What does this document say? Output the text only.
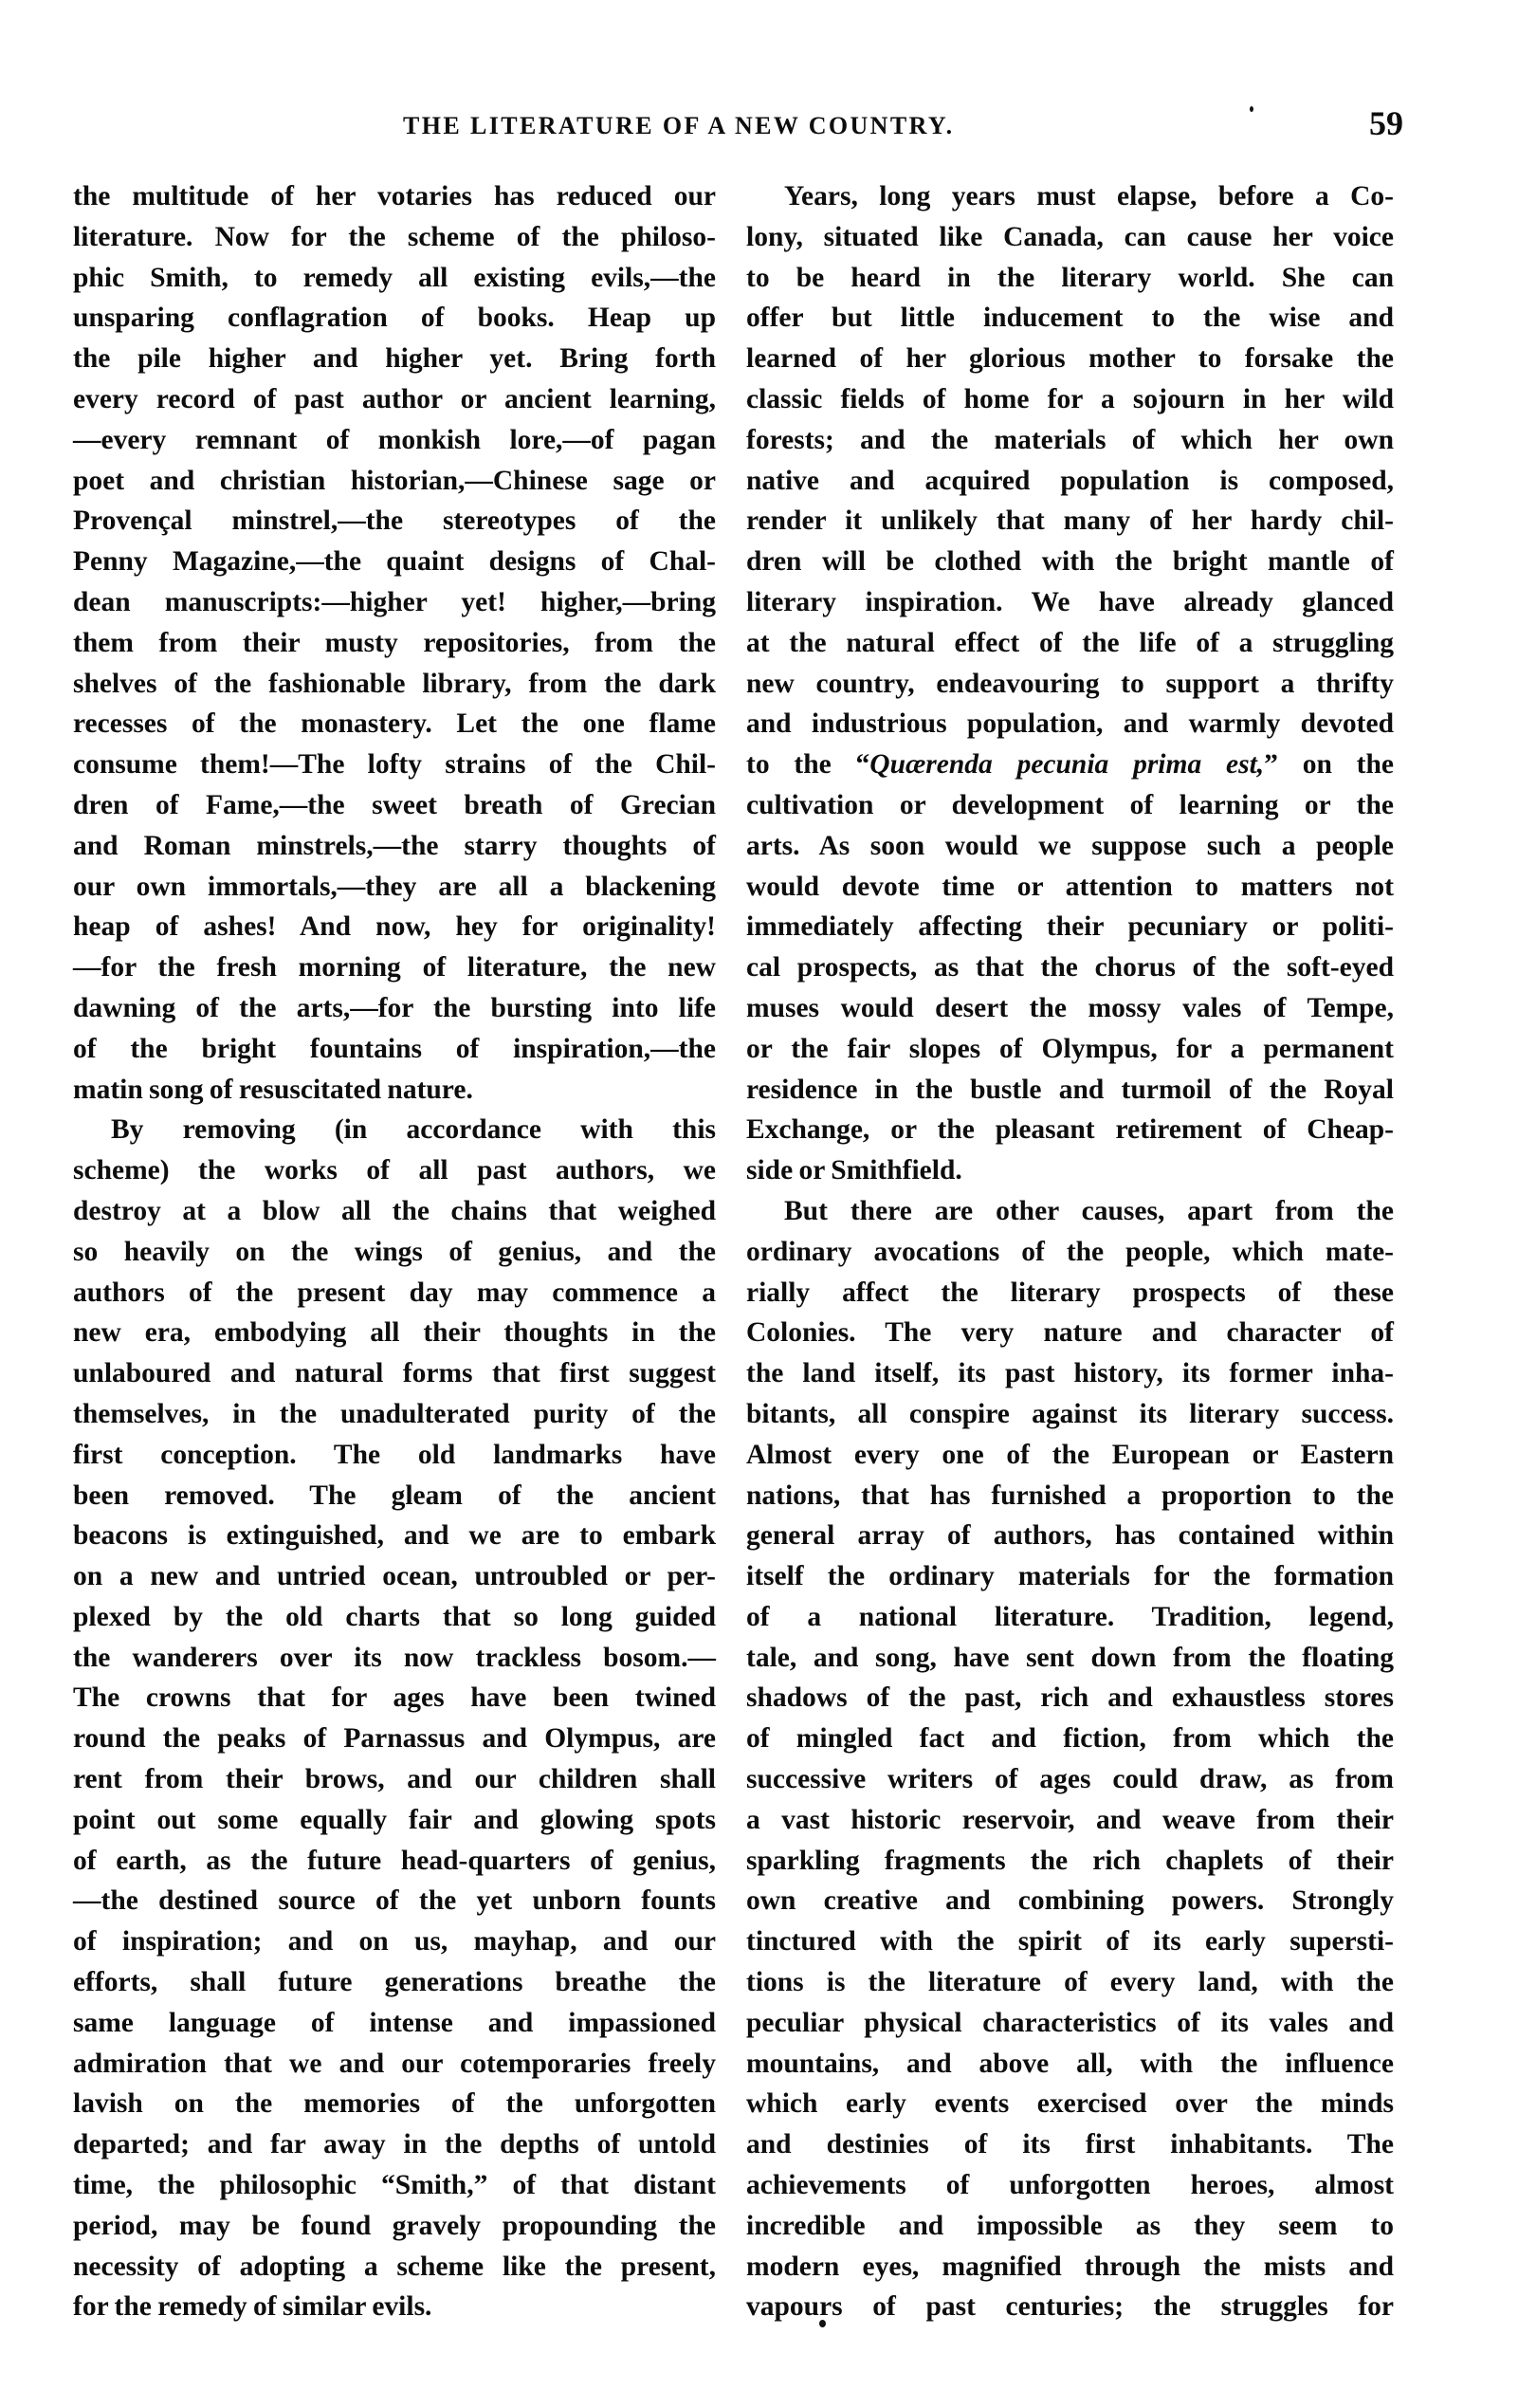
THE LITERATURE OF A NEW COUNTRY.	59
the multitude of her votaries has reduced our
literature. Now for the scheme of the philoso-
phic Smith, to remedy all existing evils,—the
unsparing conflagration of books. Heap up
the pile higher and higher yet. Bring forth
every record of past author or ancient learning,
—every remnant of monkish lore,—of pagan
poet and christian historian,—Chinese sage or
Provençal minstrel,—the stereotypes of the
Penny Magazine,—the quaint designs of Chal-
dean manuscripts:—higher yet! higher,—bring
them from their musty repositories, from the
shelves of the fashionable library, from the dark
recesses of the monastery. Let the one flame
consume them!—The lofty strains of the Chil-
dren of Fame,—the sweet breath of Grecian
and Roman minstrels,—the starry thoughts of
our own immortals,—they are all a blackening
heap of ashes! And now, hey for originality!
—for the fresh morning of literature, the new
dawning of the arts,—for the bursting into life
of the bright fountains of inspiration,—the
matin song of resuscitated nature.
By removing (in accordance with this
scheme) the works of all past authors, we
destroy at a blow all the chains that weighed
so heavily on the wings of genius, and the
authors of the present day may commence a
new era, embodying all their thoughts in the
unlaboured and natural forms that first suggest
themselves, in the unadulterated purity of the
first conception. The old landmarks have
been removed. The gleam of the ancient
beacons is extinguished, and we are to embark
on a new and untried ocean, untroubled or per-
plexed by the old charts that so long guided
the wanderers over its now trackless bosom.—
The crowns that for ages have been twined
round the peaks of Parnassus and Olympus, are
rent from their brows, and our children shall
point out some equally fair and glowing spots
of earth, as the future head-quarters of genius,
—the destined source of the yet unborn founts
of inspiration; and on us, mayhap, and our
efforts, shall future generations breathe the
same language of intense and impassioned
admiration that we and our cotemporaries freely
lavish on the memories of the unforgotten
departed; and far away in the depths of untold
time, the philosophic “Smith,” of that distant
period, may be found gravely propounding the
necessity of adopting a scheme like the present,
for the remedy of similar evils.
Years, long years must elapse, before a Co-
lony, situated like Canada, can cause her voice
to be heard in the literary world. She can
offer but little inducement to the wise and
learned of her glorious mother to forsake the
classic fields of home for a sojourn in her wild
forests; and the materials of which her own
native and acquired population is composed,
render it unlikely that many of her hardy chil-
dren will be clothed with the bright mantle of
literary inspiration. We have already glanced
at the natural effect of the life of a struggling
new country, endeavouring to support a thrifty
and industrious population, and warmly devoted
to the “Quærenda pecunia prima est,” on the
cultivation or development of learning or the
arts. As soon would we suppose such a people
would devote time or attention to matters not
immediately affecting their pecuniary or politi-
cal prospects, as that the chorus of the soft-eyed
muses would desert the mossy vales of Tempe,
or the fair slopes of Olympus, for a permanent
residence in the bustle and turmoil of the Royal
Exchange, or the pleasant retirement of Cheap-
side or Smithfield.
But there are other causes, apart from the
ordinary avocations of the people, which mate-
rially affect the literary prospects of these
Colonies. The very nature and character of
the land itself, its past history, its former inha-
bitants, all conspire against its literary success.
Almost every one of the European or Eastern
nations, that has furnished a proportion to the
general array of authors, has contained within
itself the ordinary materials for the formation
of a national literature. Tradition, legend,
tale, and song, have sent down from the floating
shadows of the past, rich and exhaustless stores
of mingled fact and fiction, from which the
successive writers of ages could draw, as from
a vast historic reservoir, and weave from their
sparkling fragments the rich chaplets of their
own creative and combining powers. Strongly
tinctured with the spirit of its early supersti-
tions is the literature of every land, with the
peculiar physical characteristics of its vales and
mountains, and above all, with the influence
which early events exercised over the minds
and destinies of its first inhabitants. The
achievements of unforgotten heroes, almost
incredible and impossible as they seem to
modern eyes, magnified through the mists and
vapours of past centuries; the struggles for
